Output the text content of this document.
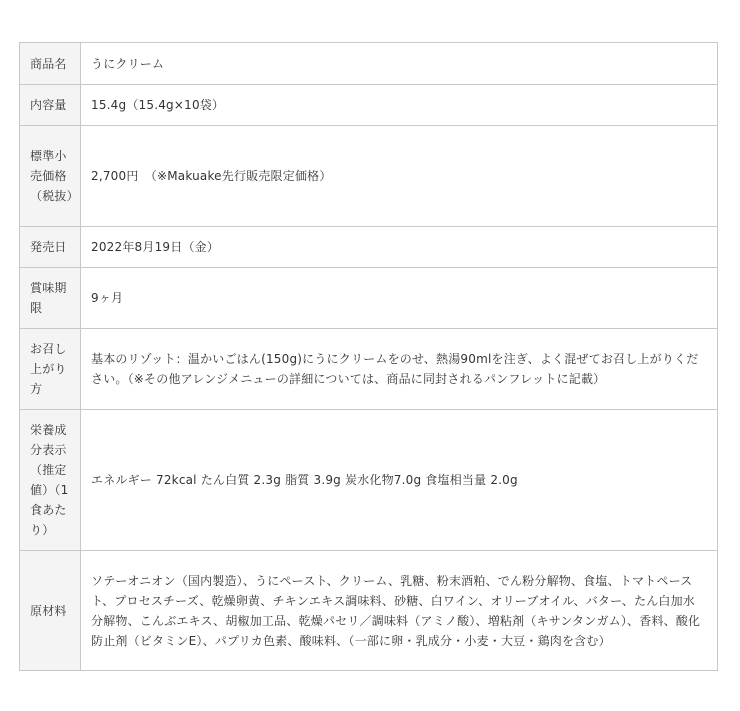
商品名	うにクリーム
内容量	15.4g（15.4g×10袋）
標準小売価格（税抜）	2,700円　（※Makuake先行販売限定価格）
発売日	2022年8月19日（金）
賞味期限	9ヶ月
お召し上がり方	基本のリゾット：温かいごはん(150g)にうにクリームをのせ、熱湯90mlを注ぎ、よく混ぜてお召し上がりください。（※その他アレンジメニューの詳細については、商品に同封されるパンフレットに記載）
栄養成分表示（推定値）（1食あたり）	エネルギー 72kcal たん白質 2.3g 脂質 3.9g 炭水化物7.0g 食塩相当量 2.0g
原材料	ソテーオニオン（国内製造）、うにペースト、クリーム、乳糖、粉末酒粕、でん粉分解物、食塩、トマトペースト、プロセスチーズ、乾燥卵黄、チキンエキス調味料、砂糖、白ワイン、オリーブオイル、バター、たん白加水分解物、こんぶエキス、胡椒加工品、乾燥パセリ／調味料（アミノ酸）、増粘剤（キサンタンガム）、香料、酸化防止剤（ビタミンE）、パプリカ色素、酸味料、（一部に卵・乳成分・小麦・大豆・鶏肉を含む）
